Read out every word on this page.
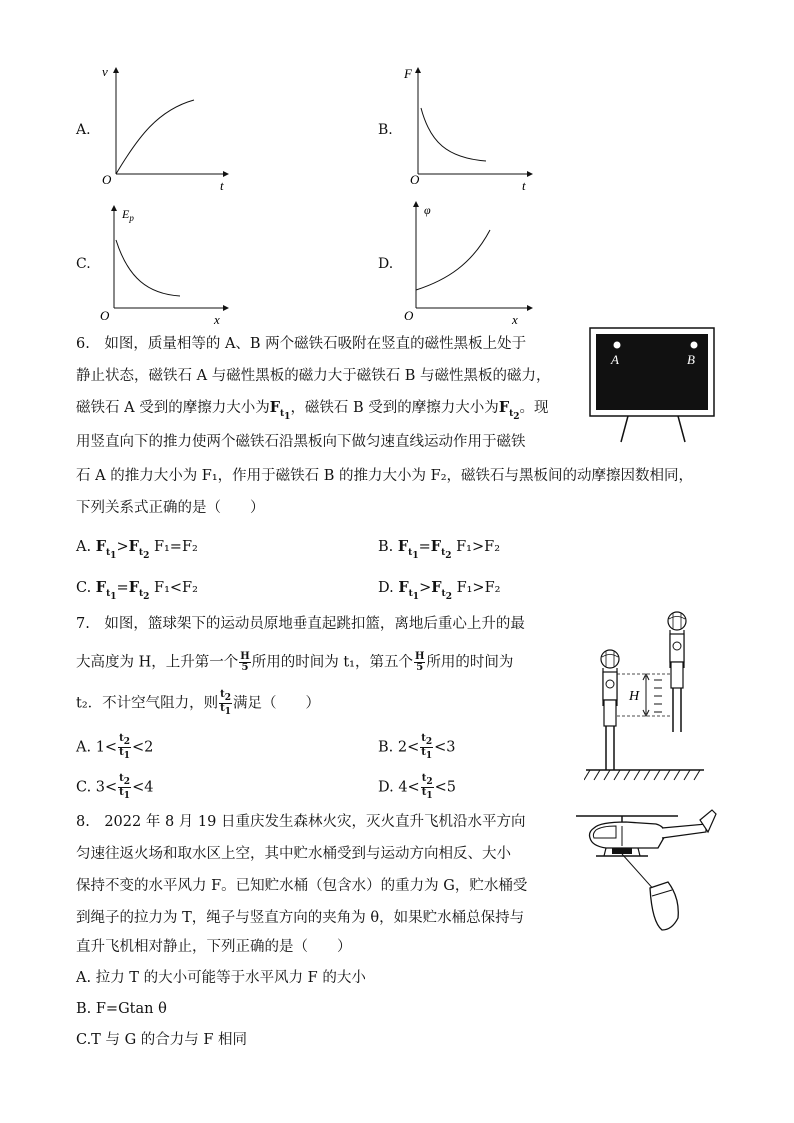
A.
v
t
O
B.
F
t
O
C.
$E_p$
x
O
D.
φ
x
O
6.　如图，质量相等的 A、B 两个磁铁石吸附在竖直的磁性黑板上处于
静止状态，磁铁石 A 与磁性黑板的磁力大于磁铁石 B 与磁性黑板的磁力，
磁铁石 A 受到的摩擦力大小为$F_{t_1}$，磁铁石 B 受到的摩擦力大小为$F_{t_2}$。现
用竖直向下的推力使两个磁铁石沿黑板向下做匀速直线运动作用于磁铁
石 A 的推力大小为 F₁，作用于磁铁石 B 的推力大小为 F₂，磁铁石与黑板间的动摩擦因数相同，
下列关系式正确的是（　　）
A	B
A. $F_{t_1}>F_{t_2}$ F₁=F₂	B. $F_{t_1}=F_{t_2}$ F₁>F₂
C. $F_{t_1}=F_{t_2}$ F₁<F₂	D. $F_{t_1}>F_{t_2}$ F₁>F₂
7.　如图，篮球架下的运动员原地垂直起跳扣篮，离地后重心上升的最
大高度为 H，上升第一个 $\frac{H}{5}$ 所用的时间为 t₁，第五个 $\frac{H}{5}$ 所用的时间为
t₂．不计空气阻力，则 $\frac{t_2}{t_1}$ 满足（　　）
A. $1< \frac{t_2}{t_1} <2$	B. $2< \frac{t_2}{t_1} <3$
C. $3< \frac{t_2}{t_1} <4$	D. $4< \frac{t_2}{t_1} <5$
H
8.　2022 年 8 月 19 日重庆发生森林火灾，灭火直升飞机沿水平方向
匀速往返火场和取水区上空，其中贮水桶受到与运动方向相反、大小
保持不变的水平风力 F。已知贮水桶（包含水）的重力为 G，贮水桶受
到绳子的拉力为 T，绳子与竖直方向的夹角为 θ，如果贮水桶总保持与
直升飞机相对静止，下列正确的是（　　）
A. 拉力 T 的大小可能等于水平风力 F 的大小
B. F=Gtan θ
C.T 与 G 的合力与 F 相同
